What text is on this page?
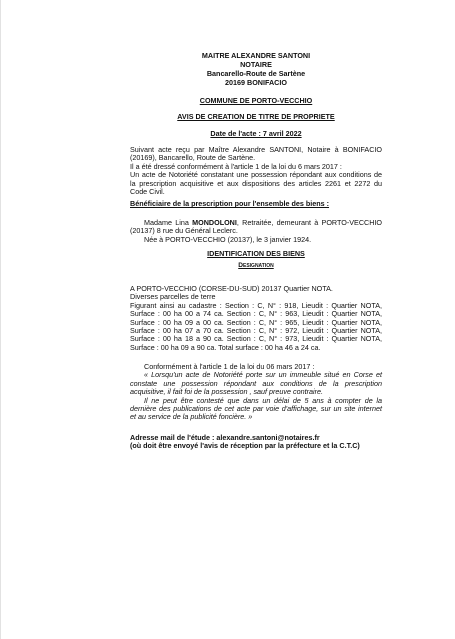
MAITRE ALEXANDRE SANTONI
NOTAIRE
Bancarello-Route de Sartène
20169 BONIFACIO
COMMUNE DE PORTO-VECCHIO
AVIS DE CREATION DE TITRE DE PROPRIETE
Date de l'acte : 7 avril 2022

Suivant acte reçu par Maître Alexandre SANTONI, Notaire à BONIFACIO (20169), Bancarello, Route de Sartène.

Il a été dressé conformément à l'article 1 de la loi du 6 mars 2017 :

Un acte de Notoriété constatant une possession répondant aux conditions de la prescription acquisitive et aux dispositions des articles 2261 et 2272 du Code Civil.

Bénéficiaire de la prescription pour l'ensemble des biens :

Madame Lina MONDOLONI, Retraitée, demeurant à PORTO-VECCHIO (20137) 8 rue du Général Leclerc.

Née à PORTO-VECCHIO (20137), le 3 janvier 1924.

IDENTIFICATION DES BIENS
Designation

A PORTO-VECCHIO (CORSE-DU-SUD) 20137 Quartier NOTA.

Diverses parcelles de terre

Figurant ainsi au cadastre : Section : C, N° : 918, Lieudit : Quartier NOTA, Surface : 00 ha 00 a 74 ca. Section : C, N° : 963, Lieudit : Quartier NOTA, Surface : 00 ha 09 a 00 ca. Section : C, N° : 965, Lieudit : Quartier NOTA, Surface : 00 ha 07 a 70 ca. Section : C, N° : 972, Lieudit : Quartier NOTA, Surface : 00 ha 18 a 90 ca. Section : C, N° : 973, Lieudit : Quartier NOTA, Surface : 00 ha 09 a 90 ca. Total surface : 00 ha 46 a 24 ca.

Conformément à l'article 1 de la loi du 06 mars 2017 :

« Lorsqu'un acte de Notoriété porte sur un immeuble situé en Corse et constate une possession répondant aux conditions de la prescription acquisitive, il fait foi de la possession , sauf preuve contraire.

Il ne peut être contesté que dans un délai de 5 ans à compter de la dernière des publications de cet acte par voie d'affichage, sur un site internet et au service de la publicité foncière. »

Adresse mail de l'étude : alexandre.santoni@notaires.fr

(où doit être envoyé l'avis de réception par la préfecture et la C.T.C)
